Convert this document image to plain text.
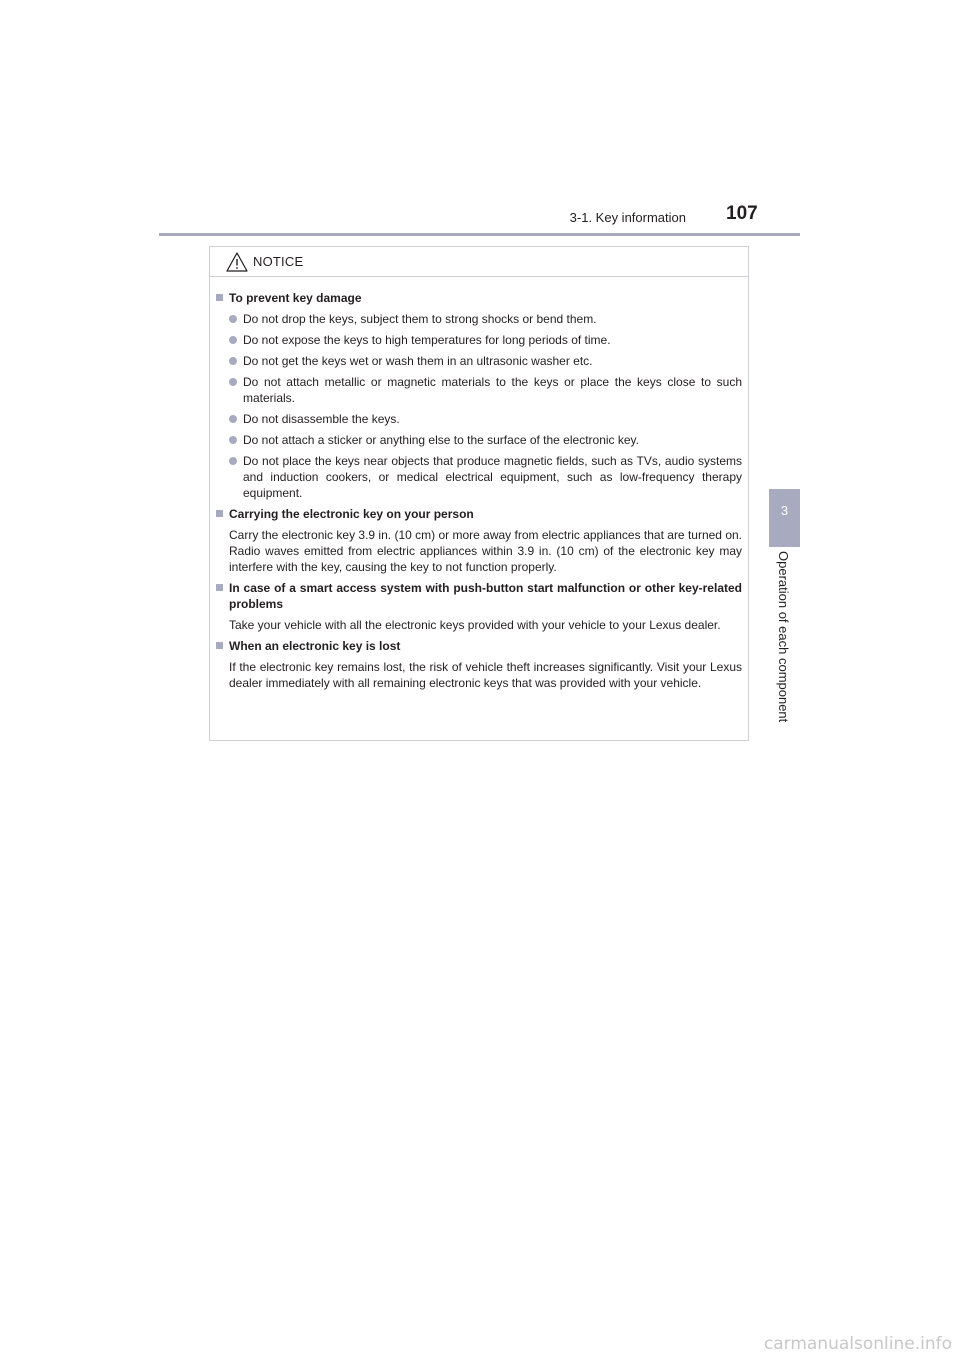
3-1. Key information 107
3
Operation of each component
NOTICE
To prevent key damage
Do not drop the keys, subject them to strong shocks or bend them.
Do not expose the keys to high temperatures for long periods of time.
Do not get the keys wet or wash them in an ultrasonic washer etc.
Do not attach metallic or magnetic materials to the keys or place the keys close to such materials.
Do not disassemble the keys.
Do not attach a sticker or anything else to the surface of the electronic key.
Do not place the keys near objects that produce magnetic fields, such as TVs, audio systems and induction cookers, or medical electrical equipment, such as low-frequency therapy equipment.
Carrying the electronic key on your person
Carry the electronic key 3.9 in. (10 cm) or more away from electric appliances that are turned on. Radio waves emitted from electric appliances within 3.9 in. (10 cm) of the electronic key may interfere with the key, causing the key to not function properly.
In case of a smart access system with push-button start malfunction or other key-related problems
Take your vehicle with all the electronic keys provided with your vehicle to your Lexus dealer.
When an electronic key is lost
If the electronic key remains lost, the risk of vehicle theft increases significantly. Visit your Lexus dealer immediately with all remaining electronic keys that was provided with your vehicle.
carmanualsonline.info
